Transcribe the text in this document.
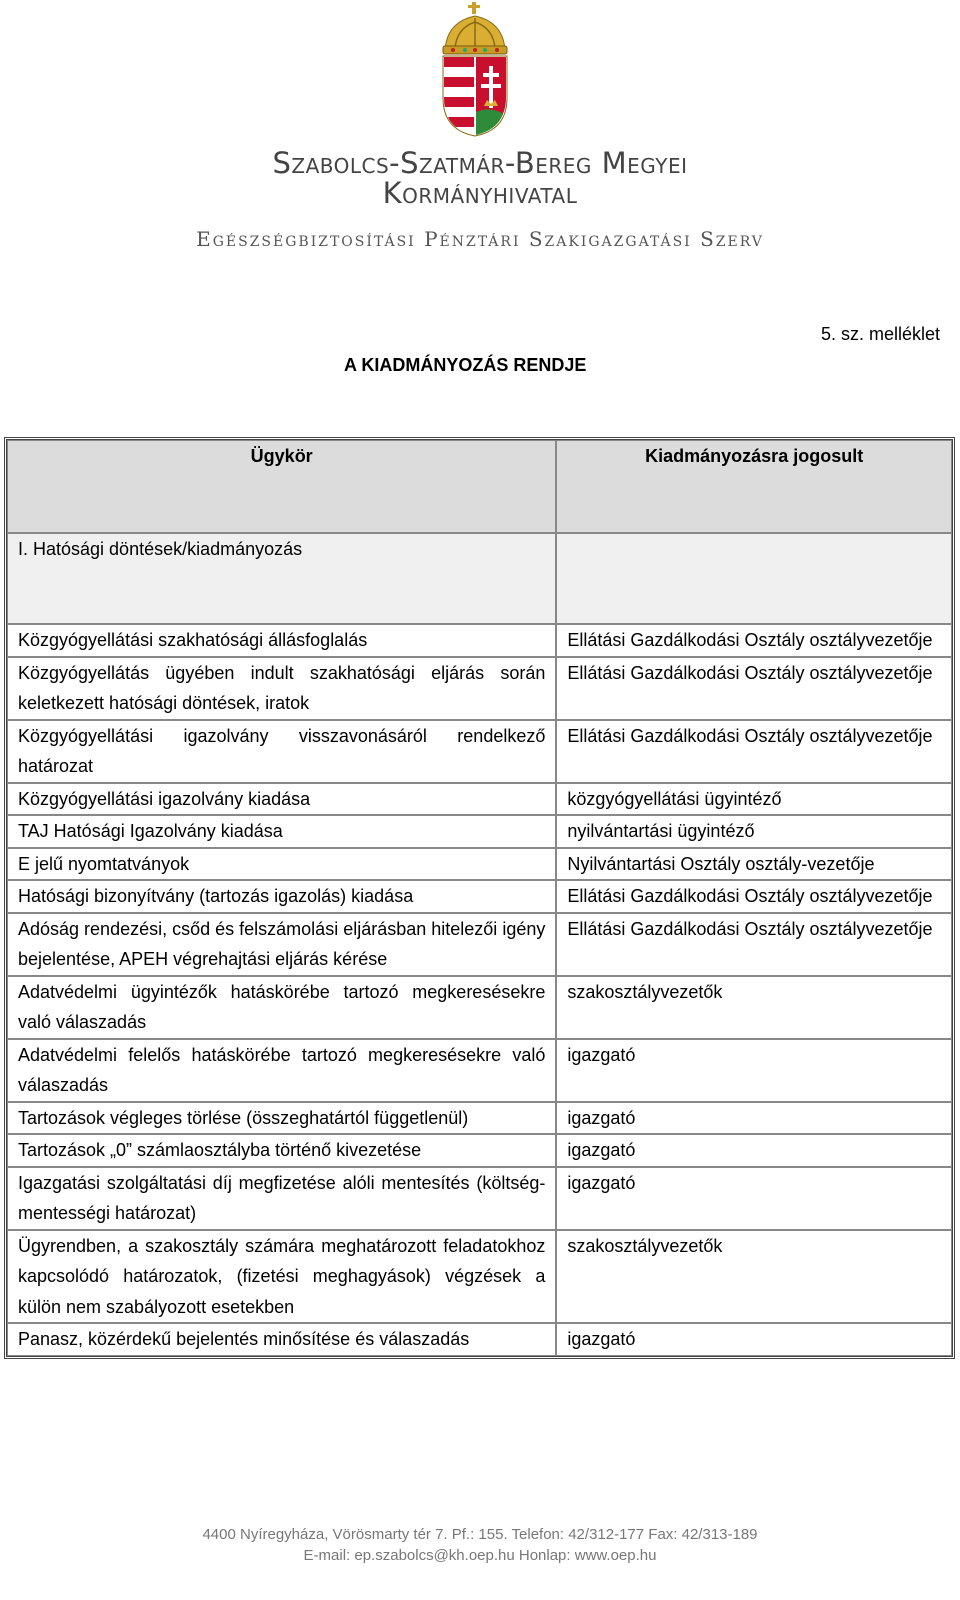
Szabolcs-Szatmár-Bereg Megyei
Kormányhivatal
Egészségbiztosítási Pénztári Szakigazgatási Szerv
5. sz. melléklet
A KIADMÁNYOZÁS RENDJE
Ügykör	Kiadmányozásra jogosult
I. Hatósági döntések/kiadmányozás	
Közgyógyellátási szakhatósági állásfoglalás	Ellátási Gazdálkodási Osztály osztályvezetője
Közgyógyellátás ügyében indult szakhatósági eljárás során keletkezett hatósági döntések, iratok	Ellátási Gazdálkodási Osztály osztályvezetője
Közgyógyellátási igazolvány visszavonásáról rendelkező határozat	Ellátási Gazdálkodási Osztály osztályvezetője
Közgyógyellátási igazolvány kiadása	közgyógyellátási ügyintéző
TAJ Hatósági Igazolvány kiadása	nyilvántartási ügyintéző
E jelű nyomtatványok	Nyilvántartási Osztály osztály-vezetője
Hatósági bizonyítvány (tartozás igazolás) kiadása	Ellátási Gazdálkodási Osztály osztályvezetője
Adóság rendezési, csőd és felszámolási eljárásban hitelezői igény bejelentése, APEH végrehajtási eljárás kérése	Ellátási Gazdálkodási Osztály osztályvezetője
Adatvédelmi ügyintézők hatáskörébe tartozó megkeresésekre való válaszadás	szakosztályvezetők
Adatvédelmi felelős hatáskörébe tartozó megkeresésekre való válaszadás	igazgató
Tartozások végleges törlése (összeghatártól függetlenül)	igazgató
Tartozások „0” számlaosztályba történő kivezetése	igazgató
Igazgatási szolgáltatási díj megfizetése alóli mentesítés (költség-mentességi határozat)	igazgató
Ügyrendben, a szakosztály számára meghatározott feladatokhoz kapcsolódó határozatok, (fizetési meghagyások) végzések a külön nem szabályozott esetekben	szakosztályvezetők
Panasz, közérdekű bejelentés minősítése és válaszadás	igazgató
4400 Nyíregyháza, Vörösmarty tér 7. Pf.: 155. Telefon: 42/312-177 Fax: 42/313-189
E-mail: ep.szabolcs@kh.oep.hu Honlap: www.oep.hu
